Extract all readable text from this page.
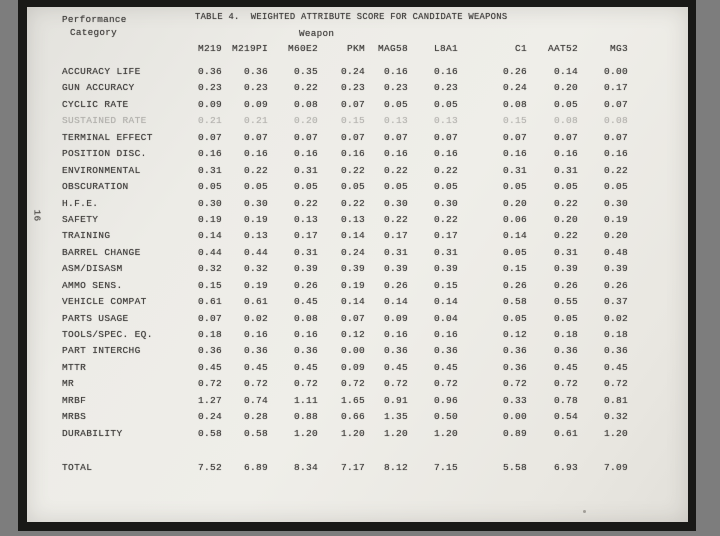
TABLE 4.  WEIGHTED ATTRIBUTE SCORE FOR CANDIDATE WEAPONS
Performance
Category	Weapon
M219	M219PI	M60E2	PKM	MAG58	L8A1	C1	AAT52	MG3
ACCURACY LIFE	0.36	0.36	0.35	0.24	0.16	0.16	0.26	0.14	0.00
GUN ACCURACY	0.23	0.23	0.22	0.23	0.23	0.23	0.24	0.20	0.17
CYCLIC RATE	0.09	0.09	0.08	0.07	0.05	0.05	0.08	0.05	0.07
SUSTAINED RATE	0.21	0.21	0.20	0.15	0.13	0.13	0.15	0.08	0.08
TERMINAL EFFECT	0.07	0.07	0.07	0.07	0.07	0.07	0.07	0.07	0.07
POSITION DISC.	0.16	0.16	0.16	0.16	0.16	0.16	0.16	0.16	0.16
ENVIRONMENTAL	0.31	0.22	0.31	0.22	0.22	0.22	0.31	0.31	0.22
OBSCURATION	0.05	0.05	0.05	0.05	0.05	0.05	0.05	0.05	0.05
H.F.E.	0.30	0.30	0.22	0.22	0.30	0.30	0.20	0.22	0.30
SAFETY	0.19	0.19	0.13	0.13	0.22	0.22	0.06	0.20	0.19
TRAINING	0.14	0.13	0.17	0.14	0.17	0.17	0.14	0.22	0.20
BARREL CHANGE	0.44	0.44	0.31	0.24	0.31	0.31	0.05	0.31	0.48
ASM/DISASM	0.32	0.32	0.39	0.39	0.39	0.39	0.15	0.39	0.39
AMMO SENS.	0.15	0.19	0.26	0.19	0.26	0.15	0.26	0.26	0.26
VEHICLE COMPAT	0.61	0.61	0.45	0.14	0.14	0.14	0.58	0.55	0.37
PARTS USAGE	0.07	0.02	0.08	0.07	0.09	0.04	0.05	0.05	0.02
TOOLS/SPEC. EQ.	0.18	0.16	0.16	0.12	0.16	0.16	0.12	0.18	0.18
PART INTERCHG	0.36	0.36	0.36	0.00	0.36	0.36	0.36	0.36	0.36
MTTR	0.45	0.45	0.45	0.09	0.45	0.45	0.36	0.45	0.45
MR	0.72	0.72	0.72	0.72	0.72	0.72	0.72	0.72	0.72
MRBF	1.27	0.74	1.11	1.65	0.91	0.96	0.33	0.78	0.81
MRBS	0.24	0.28	0.88	0.66	1.35	0.50	0.00	0.54	0.32
DURABILITY	0.58	0.58	1.20	1.20	1.20	1.20	0.89	0.61	1.20
TOTAL	7.52	6.89	8.34	7.17	8.12	7.15	5.58	6.93	7.09
16
